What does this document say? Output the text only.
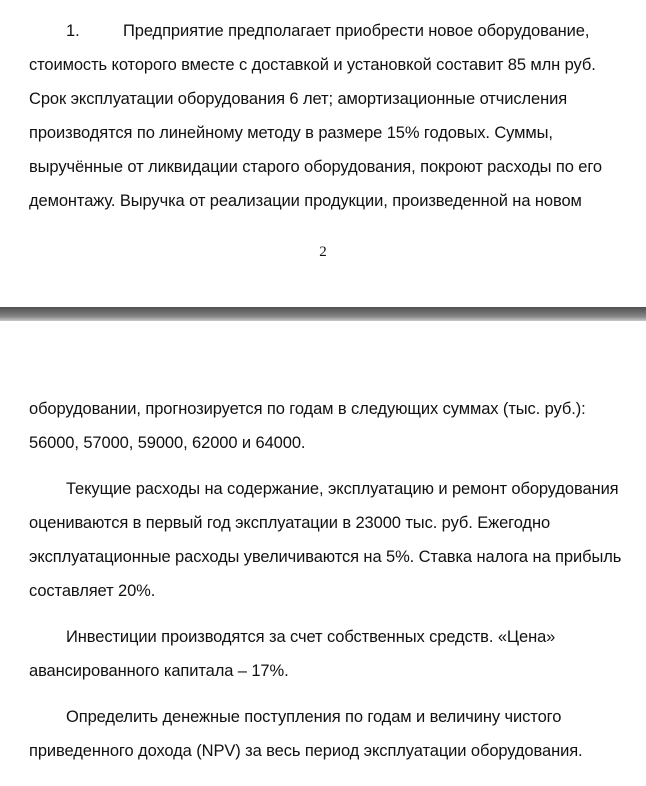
1.	Предприятие предполагает приобрести новое оборудование,
стоимость которого вместе с доставкой и установкой составит 85 млн руб.
Срок эксплуатации оборудования 6 лет; амортизационные отчисления
производятся по линейному методу в размере 15% годовых. Суммы,
выручённые от ликвидации старого оборудования, покроют расходы по его
демонтажу. Выручка от реализации продукции, произведенной на новом
2
оборудовании, прогнозируется по годам в следующих суммах (тыс. руб.):
56000, 57000, 59000, 62000 и 64000.
Текущие расходы на содержание, эксплуатацию и ремонт оборудования
оцениваются в первый год эксплуатации в 23000 тыс. руб. Ежегодно
эксплуатационные расходы увеличиваются на 5%. Ставка налога на прибыль
составляет 20%.
Инвестиции производятся за счет собственных средств. «Цена»
авансированного капитала – 17%.
Определить денежные поступления по годам и величину чистого
приведенного дохода (NPV) за весь период эксплуатации оборудования.
